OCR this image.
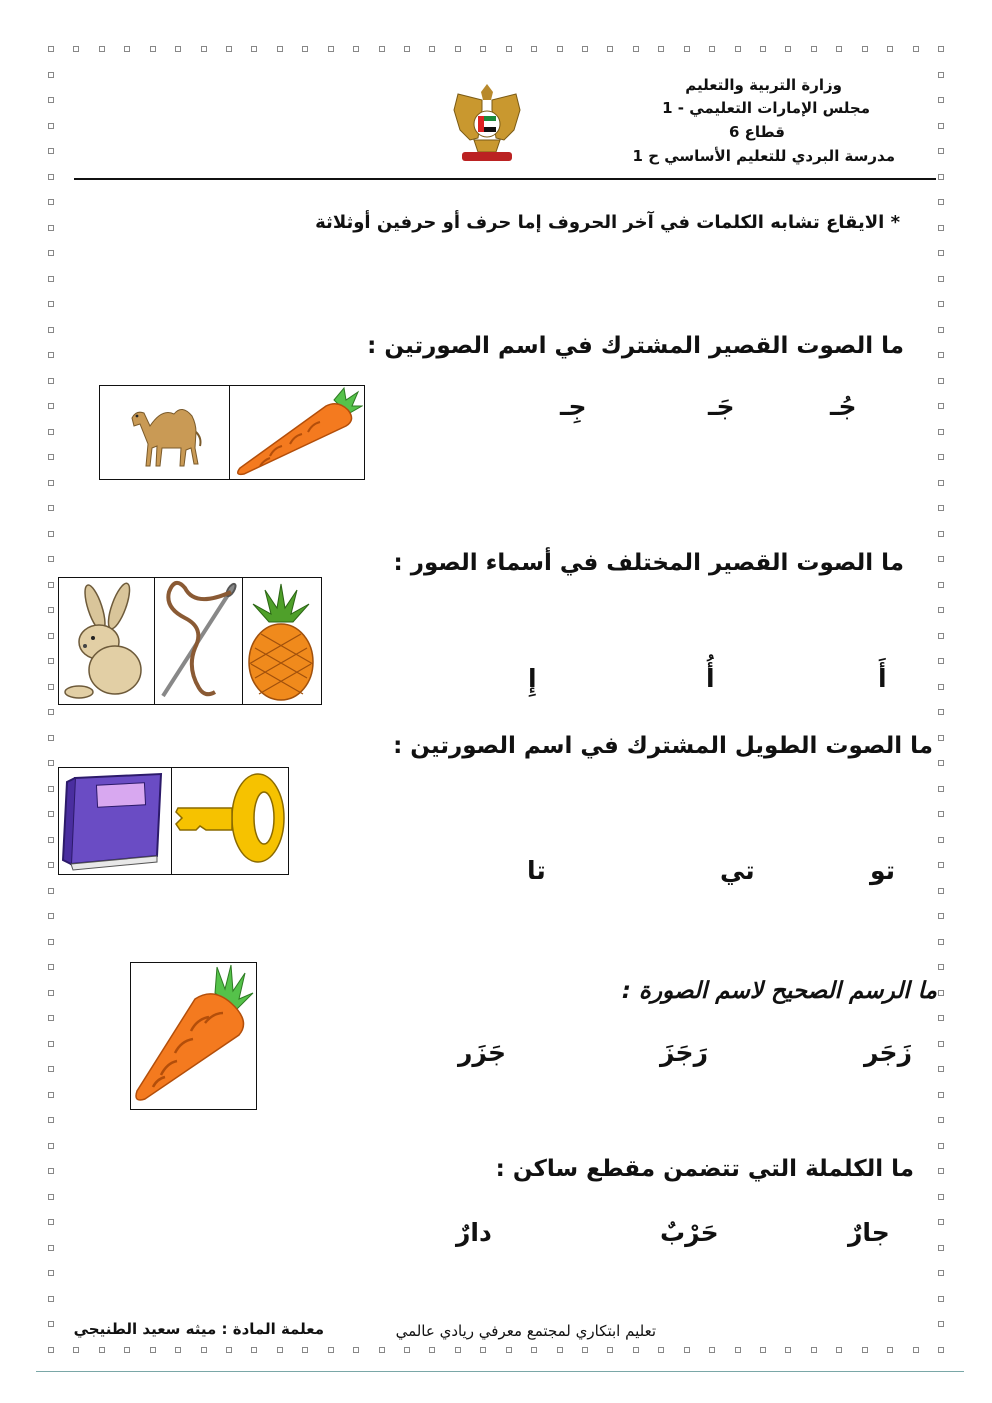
وزارة التربية والتعليم
مجلس الإمارات التعليمي - 1
قطاع 6
مدرسة البردي للتعليم الأساسي ح 1
* الايقاع تشابه الكلمات في آخر الحروف إما حرف أو حرفين أوثلاثة
ما الصوت القصير المشترك في اسم الصورتين :
جُـ
جَـ
جِـ
ما الصوت القصير المختلف في أسماء الصور :
أَ
أُ
إِ
ما الصوت الطويل المشترك في اسم الصورتين :
تو
تي
تا
ما الرسم الصحيح لاسم الصورة :
زَجَر
رَجَزَ
جَزَر
ما الكلملة التي تتضمن مقطع ساكن :
جارٌ
حَرْبٌ
دارٌ
تعليم ابتكاري لمجتمع معرفي ريادي عالمي
معلمة المادة : ميثه سعيد الطنيجي
